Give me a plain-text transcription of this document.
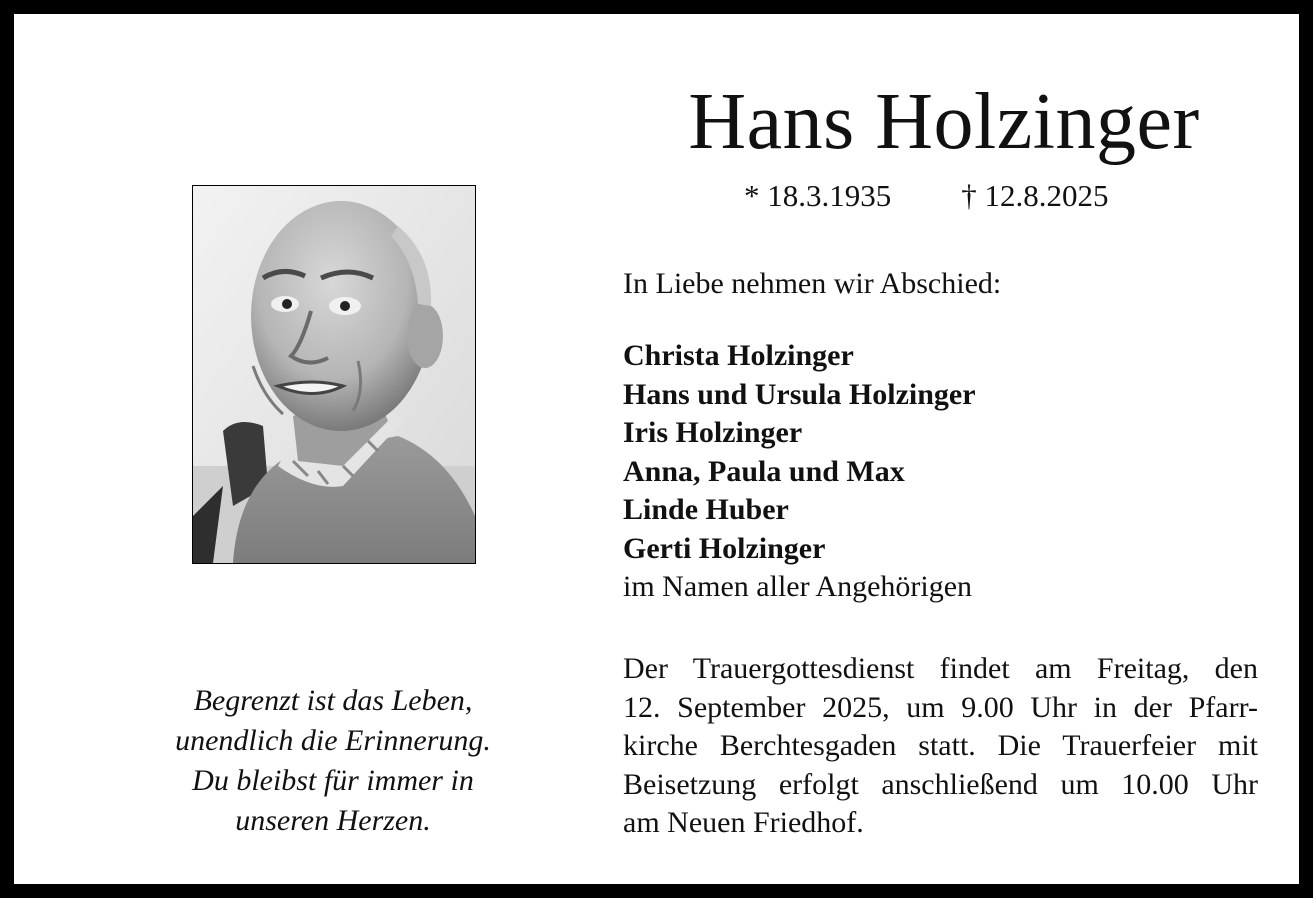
Hans Holzinger
* 18.3.1935 † 12.8.2025
Begrenzt ist das Leben,
unendlich die Erinnerung.
Du bleibst für immer in
unseren Herzen.
In Liebe nehmen wir Abschied:
Christa Holzinger
Hans und Ursula Holzinger
Iris Holzinger
Anna, Paula und Max
Linde Huber
Gerti Holzinger
im Namen aller Angehörigen
Der Trauergottesdienst findet am Freitag, den
12. September 2025, um 9.00 Uhr in der Pfarr-
kirche Berchtesgaden statt. Die Trauerfeier mit
Beisetzung erfolgt anschließend um 10.00 Uhr
am Neuen Friedhof.
